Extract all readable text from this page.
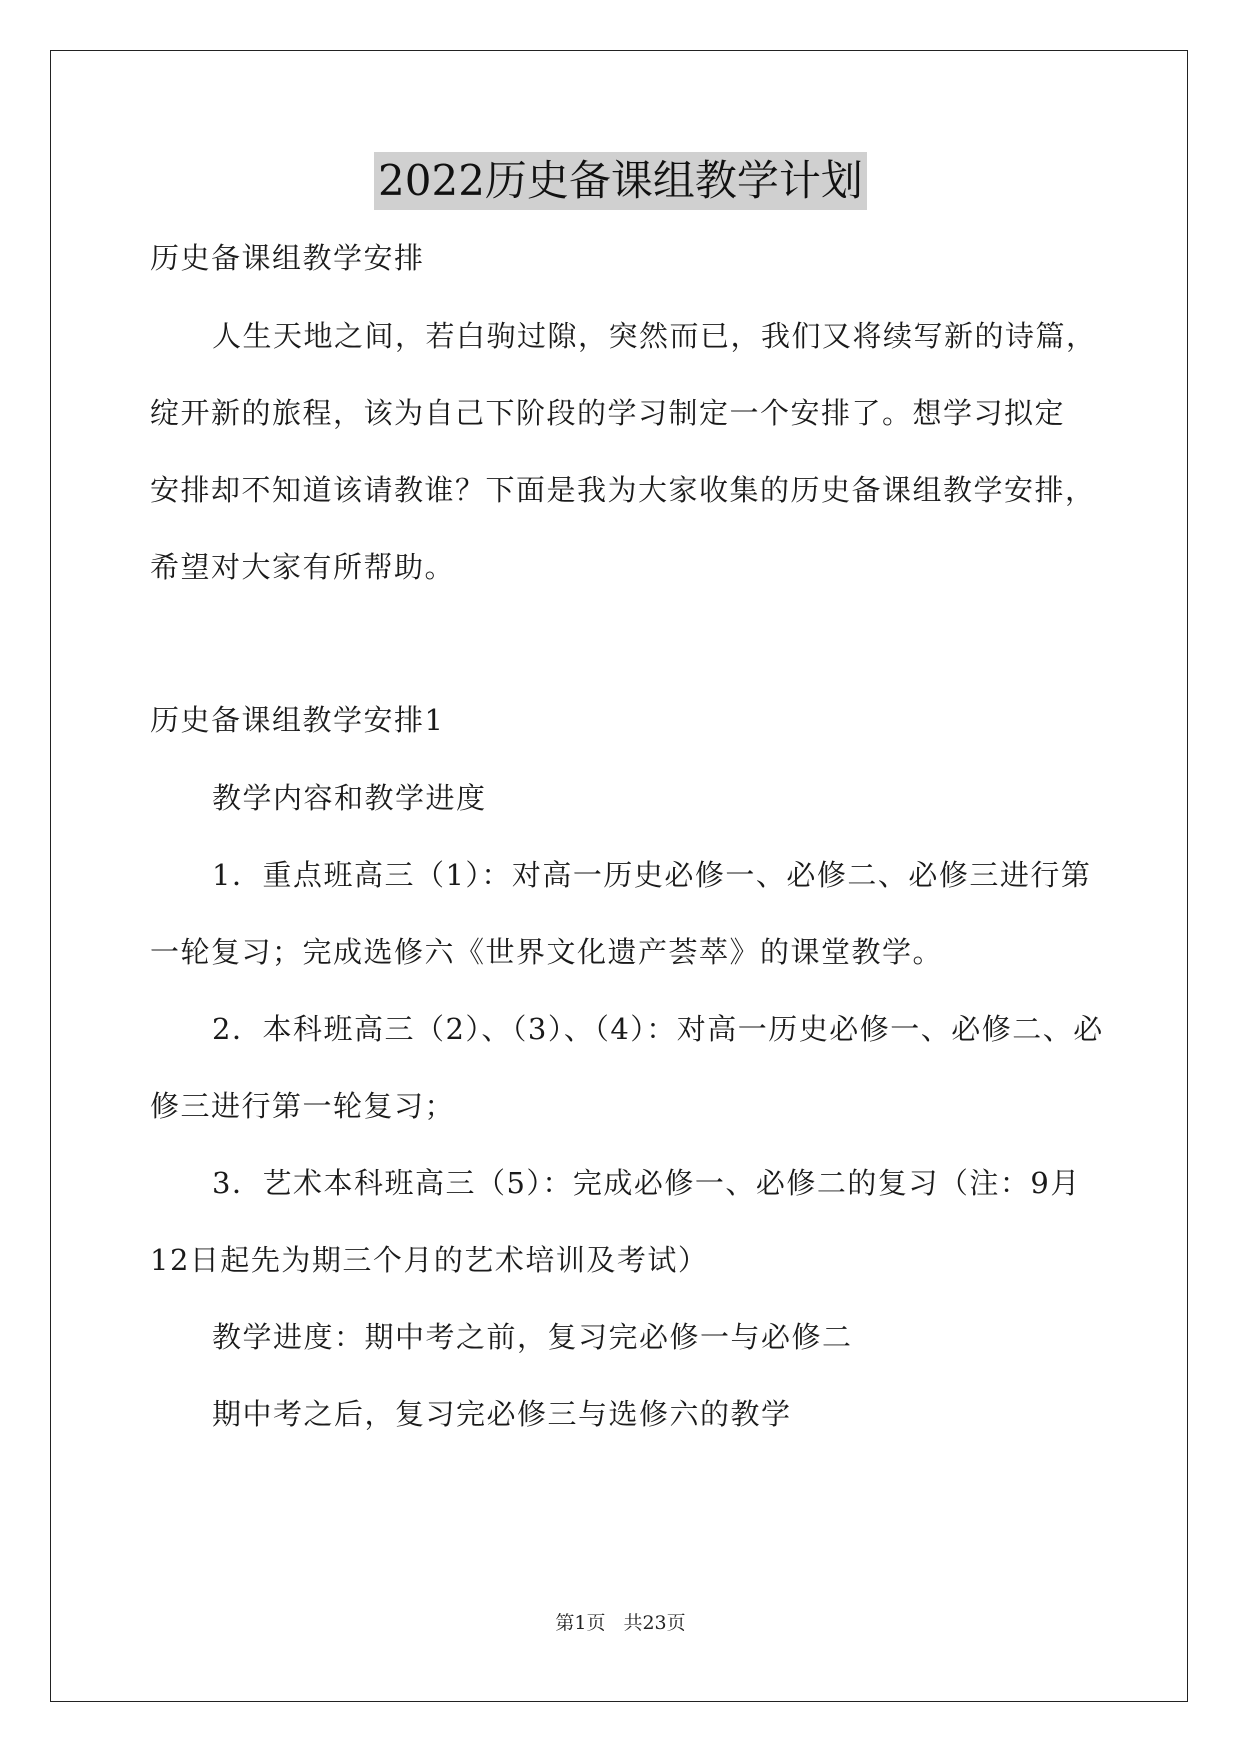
2022历史备课组教学计划
历史备课组教学安排
人生天地之间，若白驹过隙，突然而已，我们又将续写新的诗篇，
绽开新的旅程，该为自己下阶段的学习制定一个安排了。想学习拟定
安排却不知道该请教谁？下面是我为大家收集的历史备课组教学安排，
希望对大家有所帮助。
历史备课组教学安排1
教学内容和教学进度
1．重点班高三（1）：对高一历史必修一、必修二、必修三进行第
一轮复习；完成选修六《世界文化遗产荟萃》的课堂教学。
2．本科班高三（2）、（3）、（4）：对高一历史必修一、必修二、必
修三进行第一轮复习；
3．艺术本科班高三（5）：完成必修一、必修二的复习（注：9月
12日起先为期三个月的艺术培训及考试）
教学进度：期中考之前，复习完必修一与必修二
期中考之后，复习完必修三与选修六的教学
第1页 共23页
